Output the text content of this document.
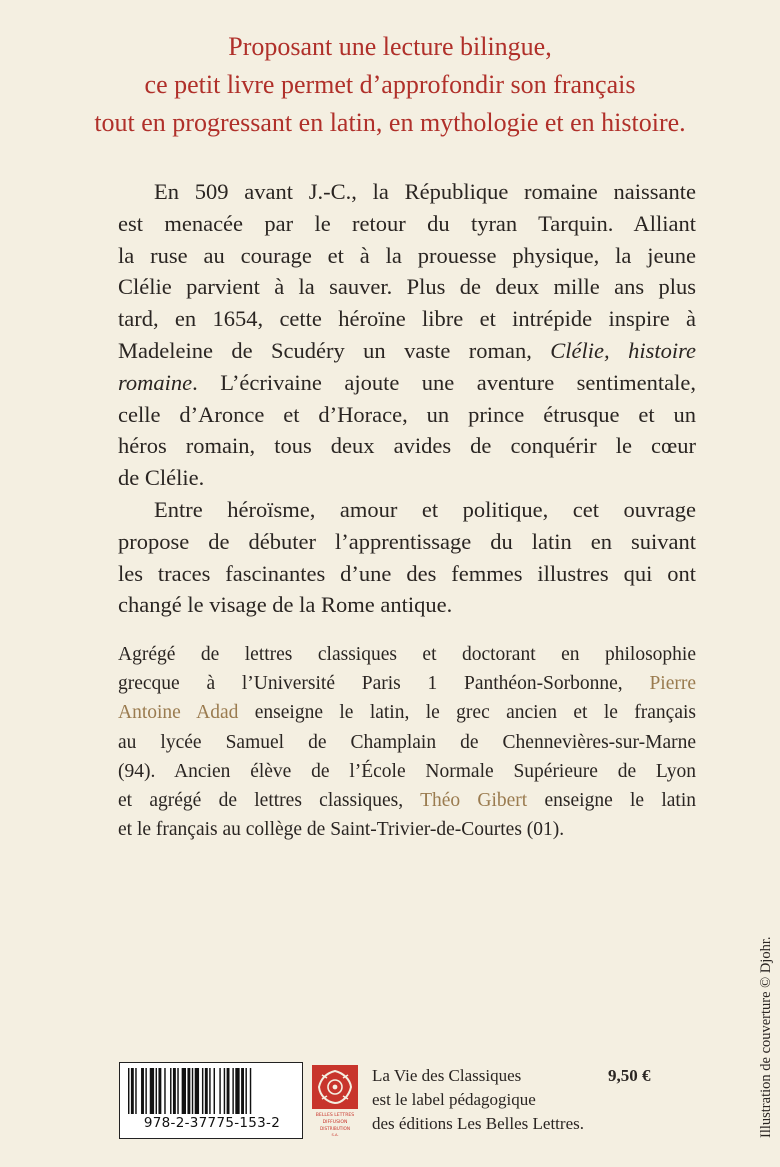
Proposant une lecture bilingue,
ce petit livre permet d’approfondir son français
tout en progressant en latin, en mythologie et en histoire.
En 509 avant J.-C., la République romaine naissante
est menacée par le retour du tyran Tarquin. Alliant
la ruse au courage et à la prouesse physique, la jeune
Clélie parvient à la sauver. Plus de deux mille ans plus
tard, en 1654, cette héroïne libre et intrépide inspire à
Madeleine de Scudéry un vaste roman, Clélie, histoire
romaine. L’écrivaine ajoute une aventure sentimentale,
celle d’Aronce et d’Horace, un prince étrusque et un
héros romain, tous deux avides de conquérir le cœur
de Clélie.
Entre héroïsme, amour et politique, cet ouvrage
propose de débuter l’apprentissage du latin en suivant
les traces fascinantes d’une des femmes illustres qui ont
changé le visage de la Rome antique.
Agrégé de lettres classiques et doctorant en philosophie
grecque à l’Université Paris 1 Panthéon-Sorbonne, Pierre
Antoine Adad enseigne le latin, le grec ancien et le français
au lycée Samuel de Champlain de Chennevières-sur-Marne
(94). Ancien élève de l’École Normale Supérieure de Lyon
et agrégé de lettres classiques, Théo Gibert enseigne le latin
et le français au collège de Saint-Trivier-de-Courtes (01).
Illustration de couverture © Djohr.
978-2-37775-153-2	BELLES LETTRES
DIFFUSION
DISTRIBUTION
S.A.
La Vie des Classiques
est le label pédagogique
des éditions Les Belles Lettres.
9,50 €
